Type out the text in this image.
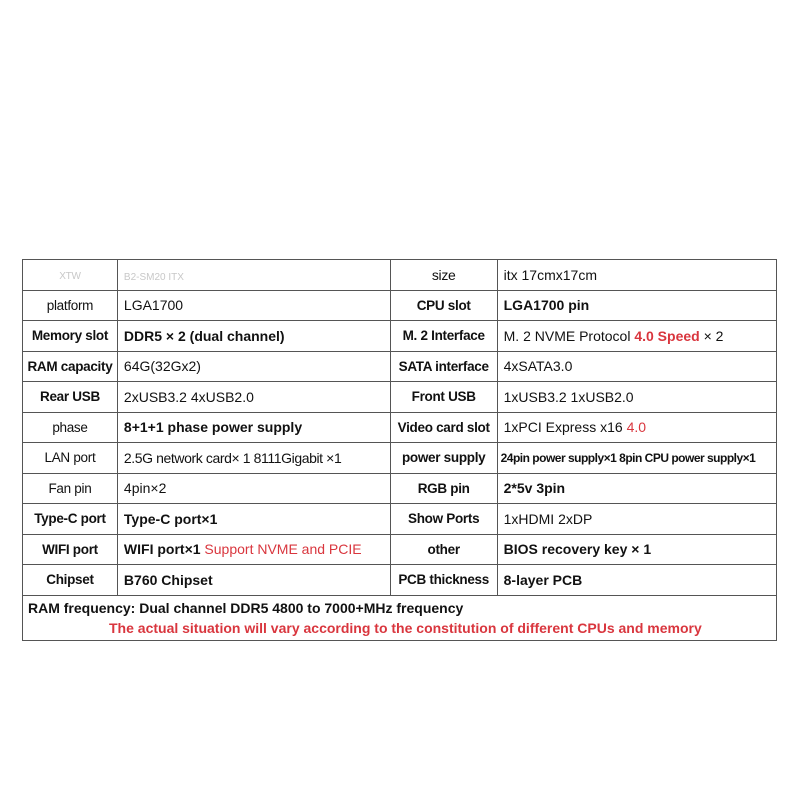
XTW	B2-SM20 ITX	size	itx 17cmx17cm
platform	LGA1700	CPU slot	LGA1700 pin
Memory slot	DDR5 × 2 (dual channel)	M. 2 Interface	M. 2 NVME Protocol 4.0 Speed × 2
RAM capacity	64G(32Gx2)	SATA interface	4xSATA3.0
Rear USB	2xUSB3.2 4xUSB2.0	Front USB	1xUSB3.2 1xUSB2.0
phase	8+1+1 phase power supply	Video card slot	1xPCI Express x16 4.0
LAN port	2.5G network card× 1 8111Gigabit ×1	power supply	24pin power supply×1 8pin CPU power supply×1
Fan pin	4pin×2	RGB pin	2*5v 3pin
Type-C port	Type-C port×1	Show Ports	1xHDMI 2xDP
WIFI port	WIFI port×1 Support NVME and PCIE	other	BIOS recovery key × 1
Chipset	B760 Chipset	PCB thickness	8-layer PCB

RAM frequency: Dual channel DDR5 4800 to 7000+MHz frequency
The actual situation will vary according to the constitution of different CPUs and memory			
